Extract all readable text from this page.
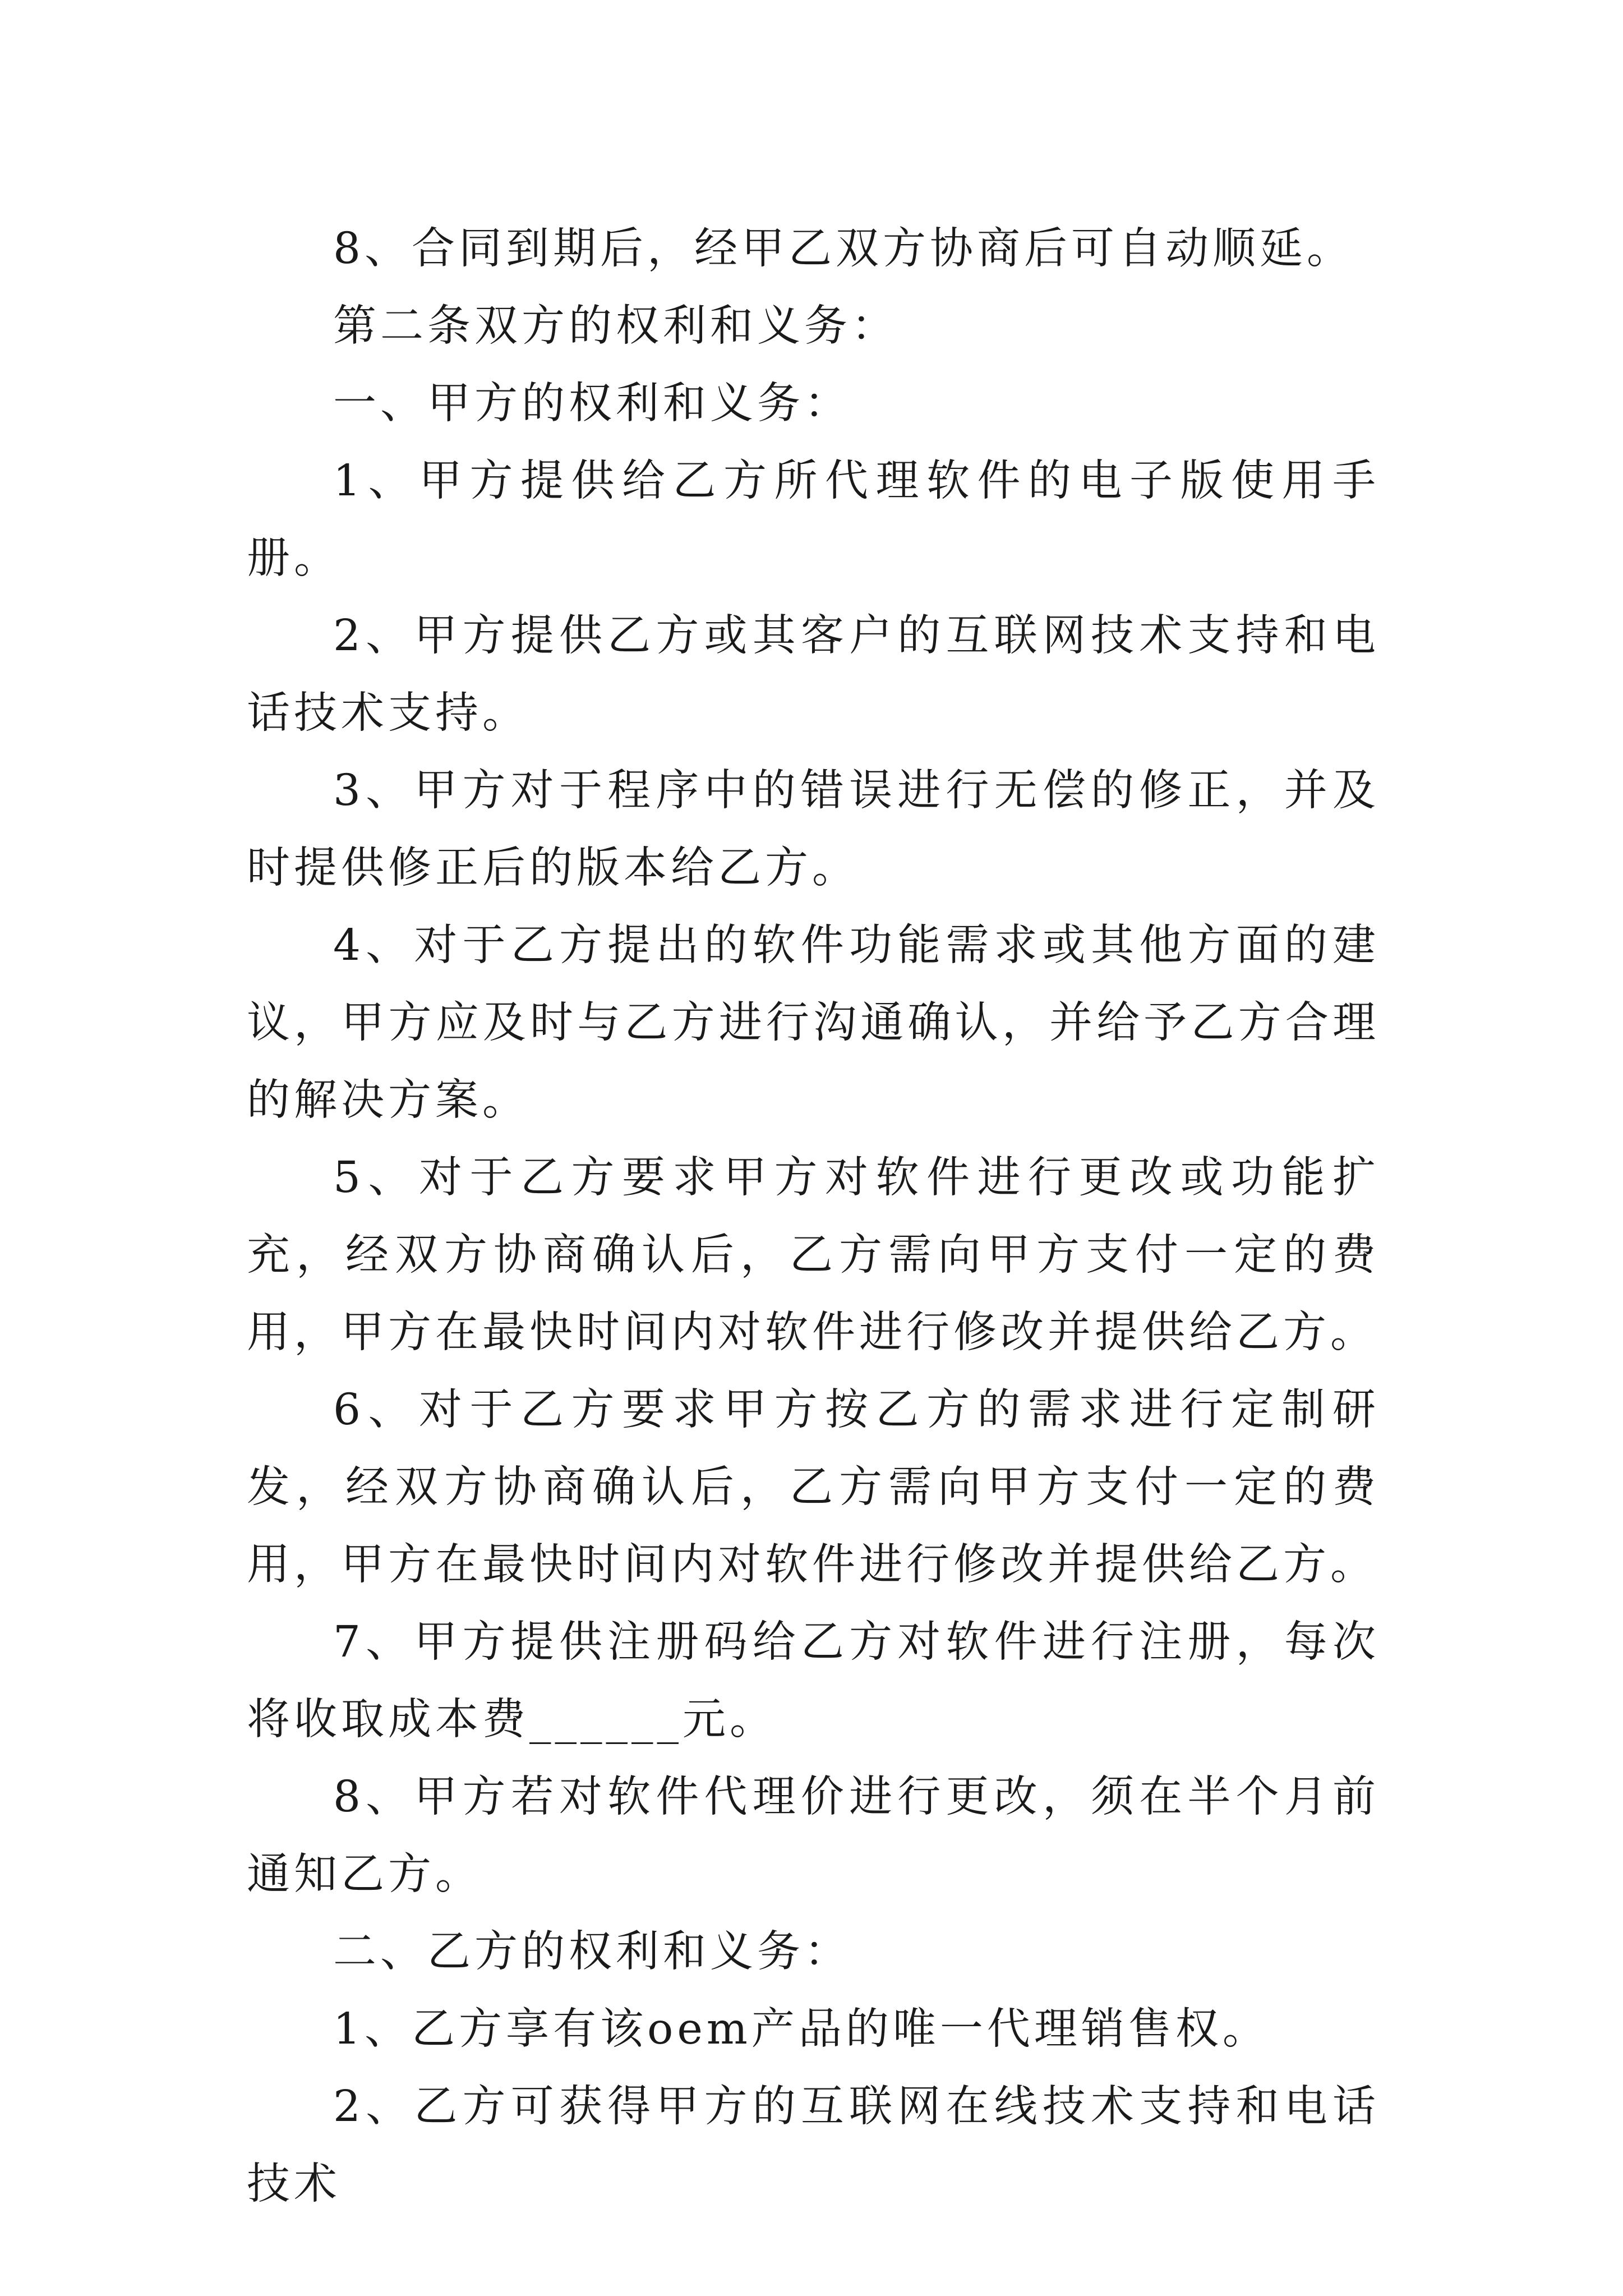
8、合同到期后，经甲乙双方协商后可自动顺延。

第二条双方的权利和义务：

一、甲方的权利和义务：

1、甲方提供给乙方所代理软件的电子版使用手册。

2、甲方提供乙方或其客户的互联网技术支持和电话技术支持。

3、甲方对于程序中的错误进行无偿的修正，并及时提供修正后的版本给乙方。

4、对于乙方提出的软件功能需求或其他方面的建议，甲方应及时与乙方进行沟通确认，并给予乙方合理的解决方案。

5、对于乙方要求甲方对软件进行更改或功能扩充，经双方协商确认后，乙方需向甲方支付一定的费用，甲方在最快时间内对软件进行修改并提供给乙方。

6、对于乙方要求甲方按乙方的需求进行定制研发，经双方协商确认后，乙方需向甲方支付一定的费用，甲方在最快时间内对软件进行修改并提供给乙方。

7、甲方提供注册码给乙方对软件进行注册，每次将收取成本费______元。

8、甲方若对软件代理价进行更改，须在半个月前通知乙方。

二、乙方的权利和义务：

1、乙方享有该oem产品的唯一代理销售权。

2、乙方可获得甲方的互联网在线技术支持和电话技术
